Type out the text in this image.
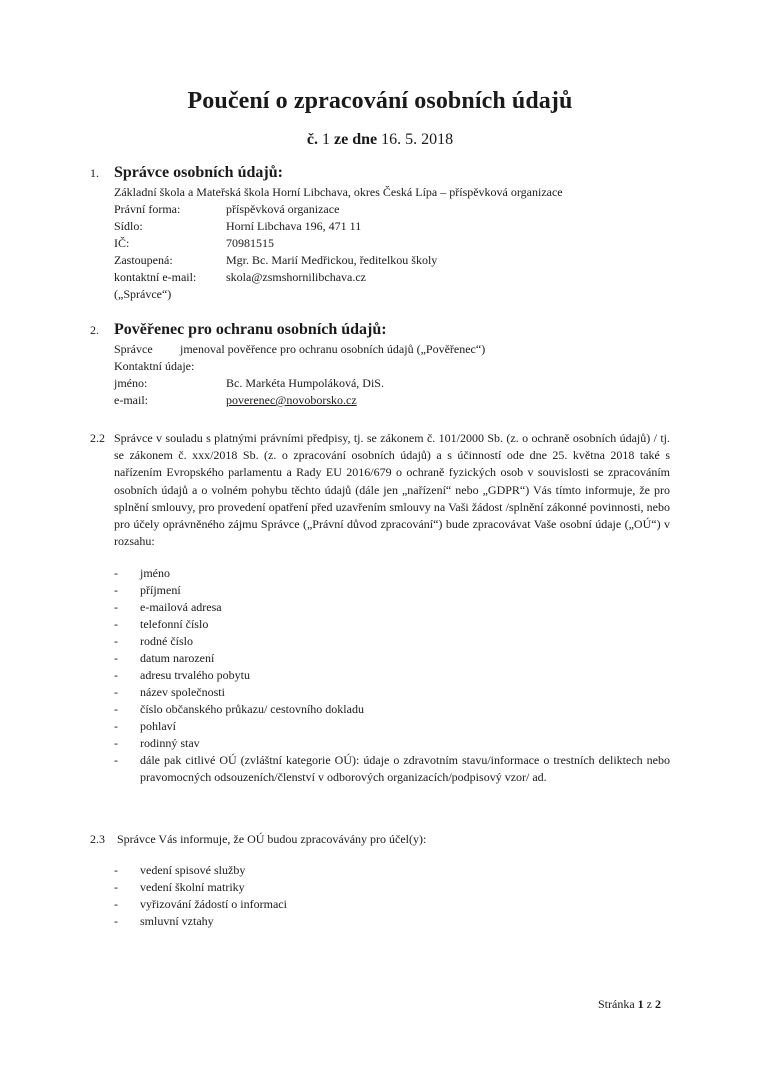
Poučení o zpracování osobních údajů
č. 1 ze dne 16. 5. 2018
1. Správce osobních údajů:
Základní škola a Mateřská škola Horní Libchava, okres Česká Lípa – příspěvková organizace
Právní forma:	příspěvková organizace
Sídlo:	Horní Libchava 196, 471 11
IČ:	70981515
Zastoupená:	Mgr. Bc. Marií Medřickou, ředitelkou školy
kontaktní e-mail: skola@zsmshornilibchava.cz
(„Správce“)
2. Pověřenec pro ochranu osobních údajů:
Správce jmenoval pověřence pro ochranu osobních údajů („Pověřenec“)
Kontaktní údaje:
jméno:	Bc. Markéta Humpoláková, DiS.
e-mail:	poverenec@novoborsko.cz
2.2 Správce v souladu s platnými právními předpisy, tj. se zákonem č. 101/2000 Sb. (z. o ochraně osobních údajů) / tj. se zákonem č. xxx/2018 Sb. (z. o zpracování osobních údajů) a s účinností ode dne 25. května 2018 také s nařízením Evropského parlamentu a Rady EU 2016/679 o ochraně fyzických osob v souvislosti se zpracováním osobních údajů a o volném pohybu těchto údajů (dále jen „nařízení“ nebo „GDPR“) Vás tímto informuje, že pro splnění smlouvy, pro provedení opatření před uzavřením smlouvy na Vaši žádost /splnění zákonné povinnosti, nebo pro účely oprávněného zájmu Správce („Právní důvod zpracování“) bude zpracovávat Vaše osobní údaje („OÚ“) v rozsahu:
- jméno
- příjmení
- e-mailová adresa
- telefonní číslo
- rodné číslo
- datum narození
- adresu trvalého pobytu
- název společnosti
- číslo občanského průkazu/ cestovního dokladu
- pohlaví
- rodinný stav
- dále pak citlivé OÚ (zvláštní kategorie OÚ): údaje o zdravotním stavu/informace o trestních deliktech nebo pravomocných odsouzeních/členství v odborových organizacích/podpisový vzor/ ad.
2.3 Správce Vás informuje, že OÚ budou zpracovávány pro účel(y):
- vedení spisové služby
- vedení školní matriky
- vyřizování žádostí o informaci
- smluvní vztahy
Stránka 1 z 2
